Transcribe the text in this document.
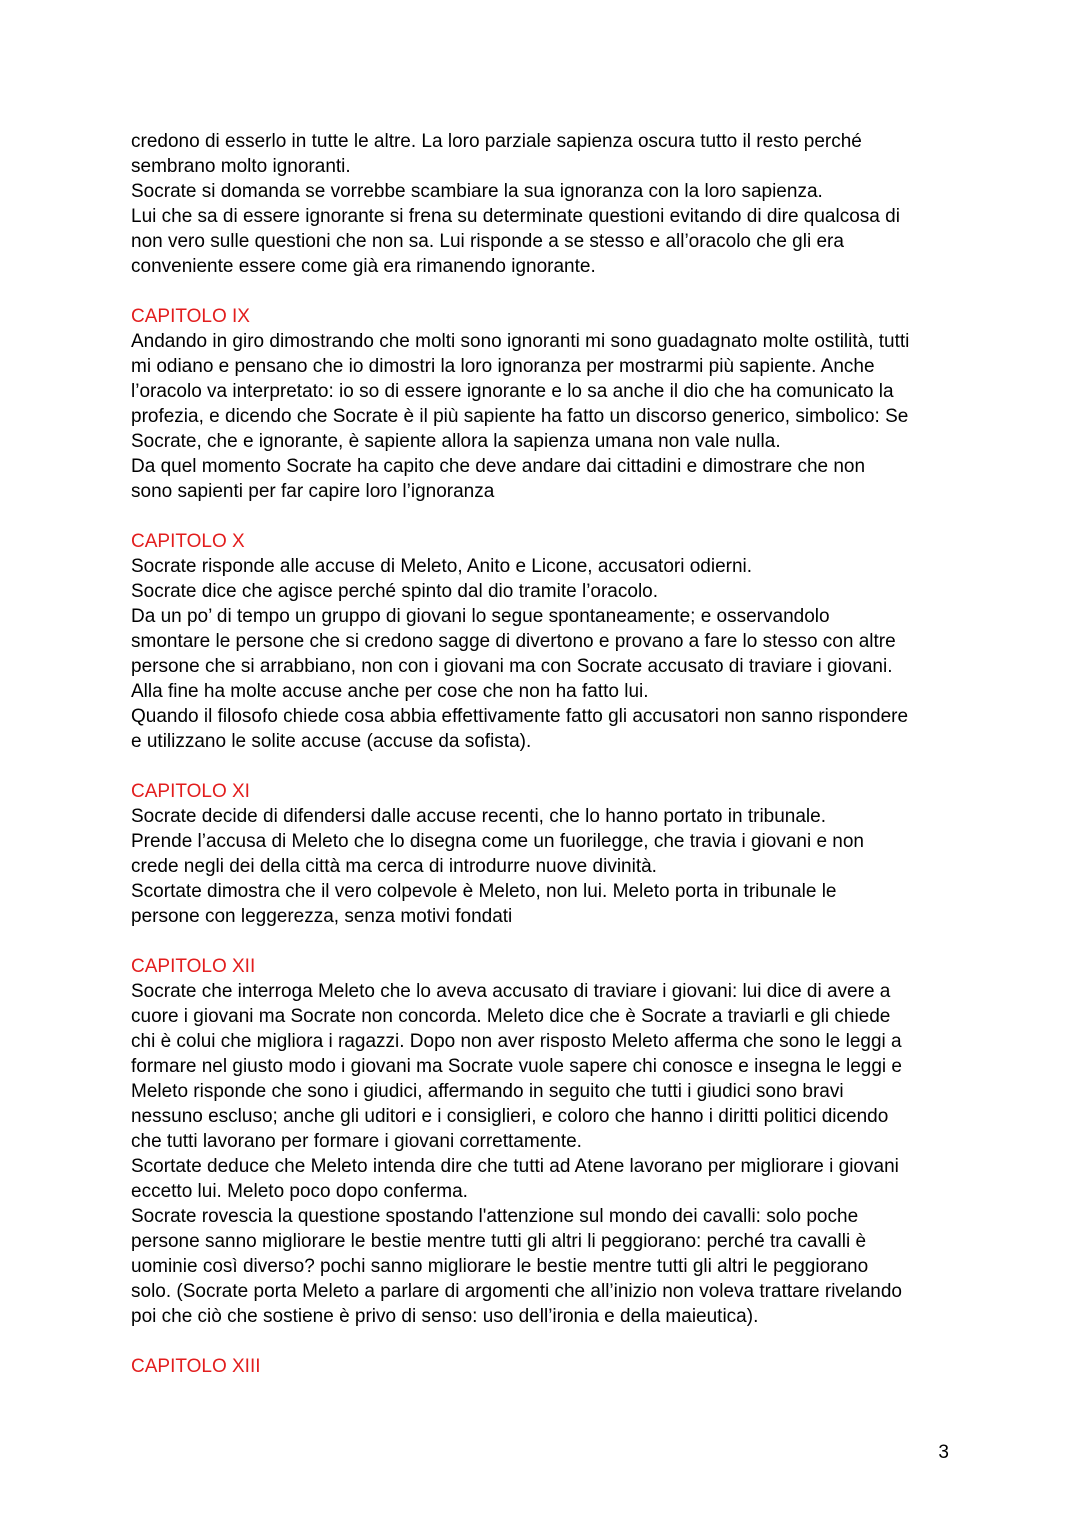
credono di esserlo in tutte le altre. La loro parziale sapienza oscura tutto il resto perché
sembrano molto ignoranti.
Socrate si domanda se vorrebbe scambiare la sua ignoranza con la loro sapienza.
Lui che sa di essere ignorante si frena su determinate questioni evitando di dire qualcosa di
non vero sulle questioni che non sa. Lui risponde a se stesso e all’oracolo che gli era
conveniente essere come già era rimanendo ignorante.
CAPITOLO IX
Andando in giro dimostrando che molti sono ignoranti mi sono guadagnato molte ostilità, tutti
mi odiano e pensano che io dimostri la loro ignoranza per mostrarmi più sapiente. Anche
l’oracolo va interpretato: io so di essere ignorante e lo sa anche il dio che ha comunicato la
profezia, e dicendo che Socrate è il più sapiente ha fatto un discorso generico, simbolico: Se
Socrate, che e ignorante, è sapiente allora la sapienza umana non vale nulla.
Da quel momento Socrate ha capito che deve andare dai cittadini e dimostrare che non
sono sapienti per far capire loro l’ignoranza
CAPITOLO X
Socrate risponde alle accuse di Meleto, Anito e Licone, accusatori odierni.
Socrate dice che agisce perché spinto dal dio tramite l’oracolo.
Da un po’ di tempo un gruppo di giovani lo segue spontaneamente; e osservandolo
smontare le persone che si credono sagge di divertono e provano a fare lo stesso con altre
persone che si arrabbiano, non con i giovani ma con Socrate accusato di traviare i giovani.
Alla fine ha molte accuse anche per cose che non ha fatto lui.
Quando il filosofo chiede cosa abbia effettivamente fatto gli accusatori non sanno rispondere
e utilizzano le solite accuse (accuse da sofista).
CAPITOLO XI
Socrate decide di difendersi dalle accuse recenti, che lo hanno portato in tribunale.
Prende l’accusa di Meleto che lo disegna come un fuorilegge, che travia i giovani e non
crede negli dei della città ma cerca di introdurre nuove divinità.
Scortate dimostra che il vero colpevole è Meleto, non lui. Meleto porta in tribunale le
persone con leggerezza, senza motivi fondati
CAPITOLO XII
Socrate che interroga Meleto che lo aveva accusato di traviare i giovani: lui dice di avere a
cuore i giovani ma Socrate non concorda. Meleto dice che è Socrate a traviarli e gli chiede
chi è colui che migliora i ragazzi. Dopo non aver risposto Meleto afferma che sono le leggi a
formare nel giusto modo i giovani ma Socrate vuole sapere chi conosce e insegna le leggi e
Meleto risponde che sono i giudici, affermando in seguito che tutti i giudici sono bravi
nessuno escluso; anche gli uditori e i consiglieri, e coloro che hanno i diritti politici dicendo
che tutti lavorano per formare i giovani correttamente.
Scortate deduce che Meleto intenda dire che tutti ad Atene lavorano per migliorare i giovani
eccetto lui. Meleto poco dopo conferma.
Socrate rovescia la questione spostando l'attenzione sul mondo dei cavalli: solo poche
persone sanno migliorare le bestie mentre tutti gli altri li peggiorano: perché tra cavalli è
uominie così diverso? pochi sanno migliorare le bestie mentre tutti gli altri le peggiorano
solo. (Socrate porta Meleto a parlare di argomenti che all’inizio non voleva trattare rivelando
poi che ciò che sostiene è privo di senso: uso dell’ironia e della maieutica).
CAPITOLO XIII
3
